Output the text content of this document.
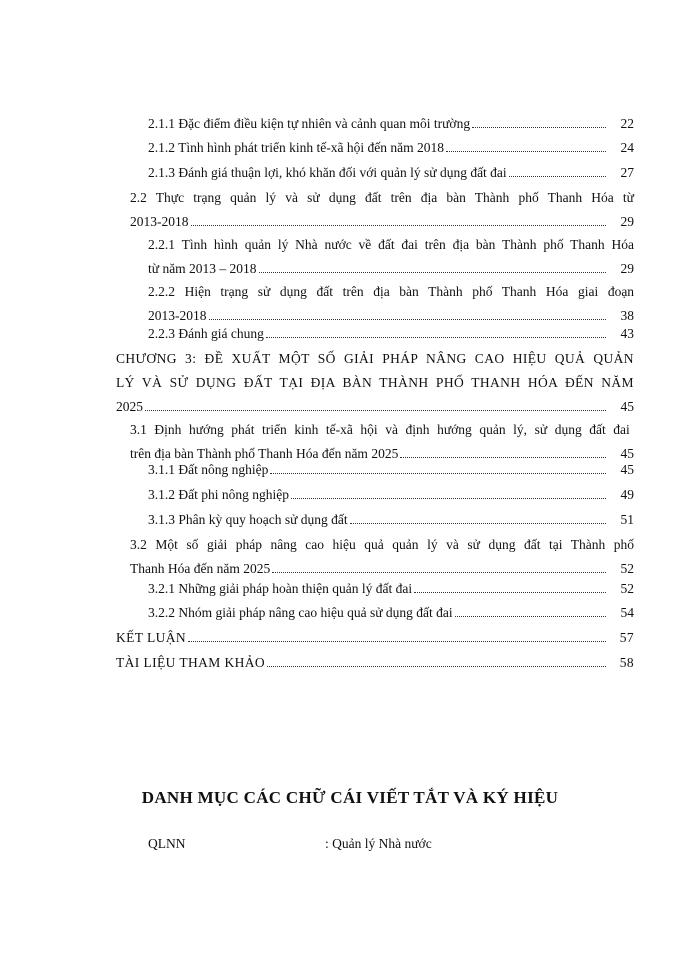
2.1.1 Đặc điểm điều kiện tự nhiên và cảnh quan môi trường	22
2.1.2 Tình hình phát triển kinh tế-xã hội đến năm 2018	24
2.1.3 Đánh giá thuận lợi, khó khăn đối với quản lý sử dụng đất đai	27
2.2 Thực trạng quản lý và sử dụng đất trên địa bàn Thành phố Thanh Hóa từ
2013-2018	29
2.2.1 Tình hình quản lý Nhà nước về đất đai trên địa bàn Thành phố Thanh Hóa
từ năm 2013 – 2018	29
2.2.2 Hiện trạng sử dụng đất trên địa bàn Thành phố Thanh Hóa giai đoạn
2013-2018	38
2.2.3 Đánh giá chung	43
CHƯƠNG 3: ĐỀ XUẤT MỘT SỐ GIẢI PHÁP NÂNG CAO HIỆU QUẢ QUẢN
LÝ VÀ SỬ DỤNG ĐẤT TẠI ĐỊA BÀN THÀNH PHỐ THANH HÓA ĐẾN NĂM
2025	45
3.1 Định hướng phát triển kinh tế-xã hội và định hướng quản lý, sử dụng đất đai
trên địa bàn Thành phố Thanh Hóa đến năm 2025	45
3.1.1 Đất nông nghiệp	45
3.1.2 Đất phi nông nghiệp	49
3.1.3 Phân kỳ quy hoạch sử dụng đất	51
3.2 Một số giải pháp nâng cao hiệu quả quản lý và sử dụng đất tại Thành phố
Thanh Hóa đến năm 2025	52
3.2.1 Những giải pháp hoàn thiện quản lý đất đai	52
3.2.2 Nhóm giải pháp nâng cao hiệu quả sử dụng đất đai	54
KẾT LUẬN	57
TÀI LIỆU THAM KHẢO	58
DANH MỤC CÁC CHỮ CÁI VIẾT TẮT VÀ KÝ HIỆU
QLNN	: Quản lý Nhà nước
